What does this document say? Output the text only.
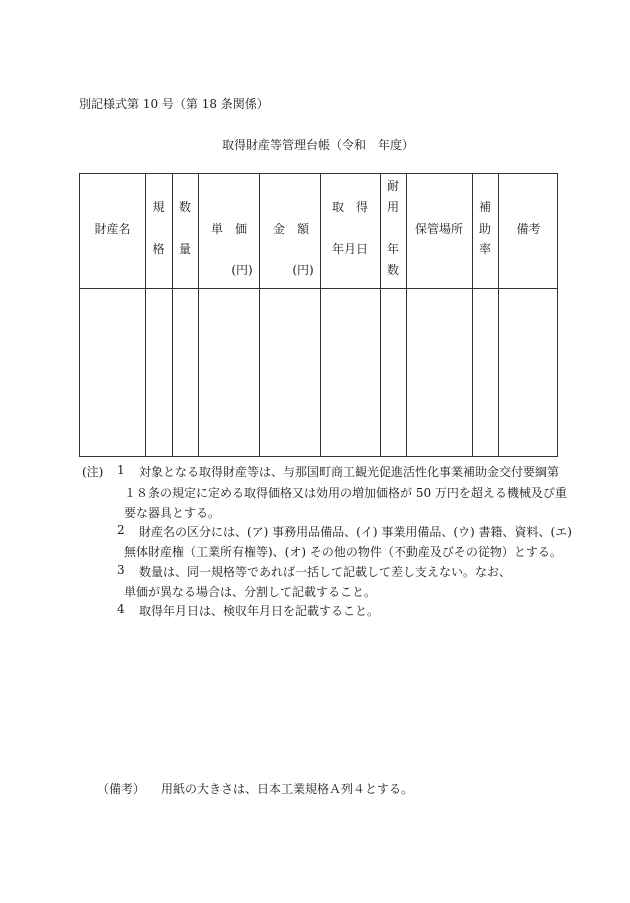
別記様式第 10 号（第 18 条関係）
取得財産等管理台帳（令和　年度）
財産名
規
格
数
量
単　価
(円)
金　額
(円)
取　得
年月日
耐
用
年
数
保管場所
補
助
率
備考
(注) 1 対象となる取得財産等は、与那国町商工観光促進活性化事業補助金交付要綱第
１８条の規定に定める取得価格又は効用の増加価格が 50 万円を超える機械及び重
要な器具とする。
2 財産名の区分には、(ア) 事務用品備品、(イ) 事業用備品、(ウ) 書籍、資料、(エ)
無体財産権（工業所有権等)、(オ) その他の物件（不動産及びその従物）とする。
3 数量は、同一規格等であれば一括して記載して差し支えない。なお、
単価が異なる場合は、分割して記載すること。
4 取得年月日は、検収年月日を記載すること。
（備考） 用紙の大きさは、日本工業規格Ａ列４とする。
